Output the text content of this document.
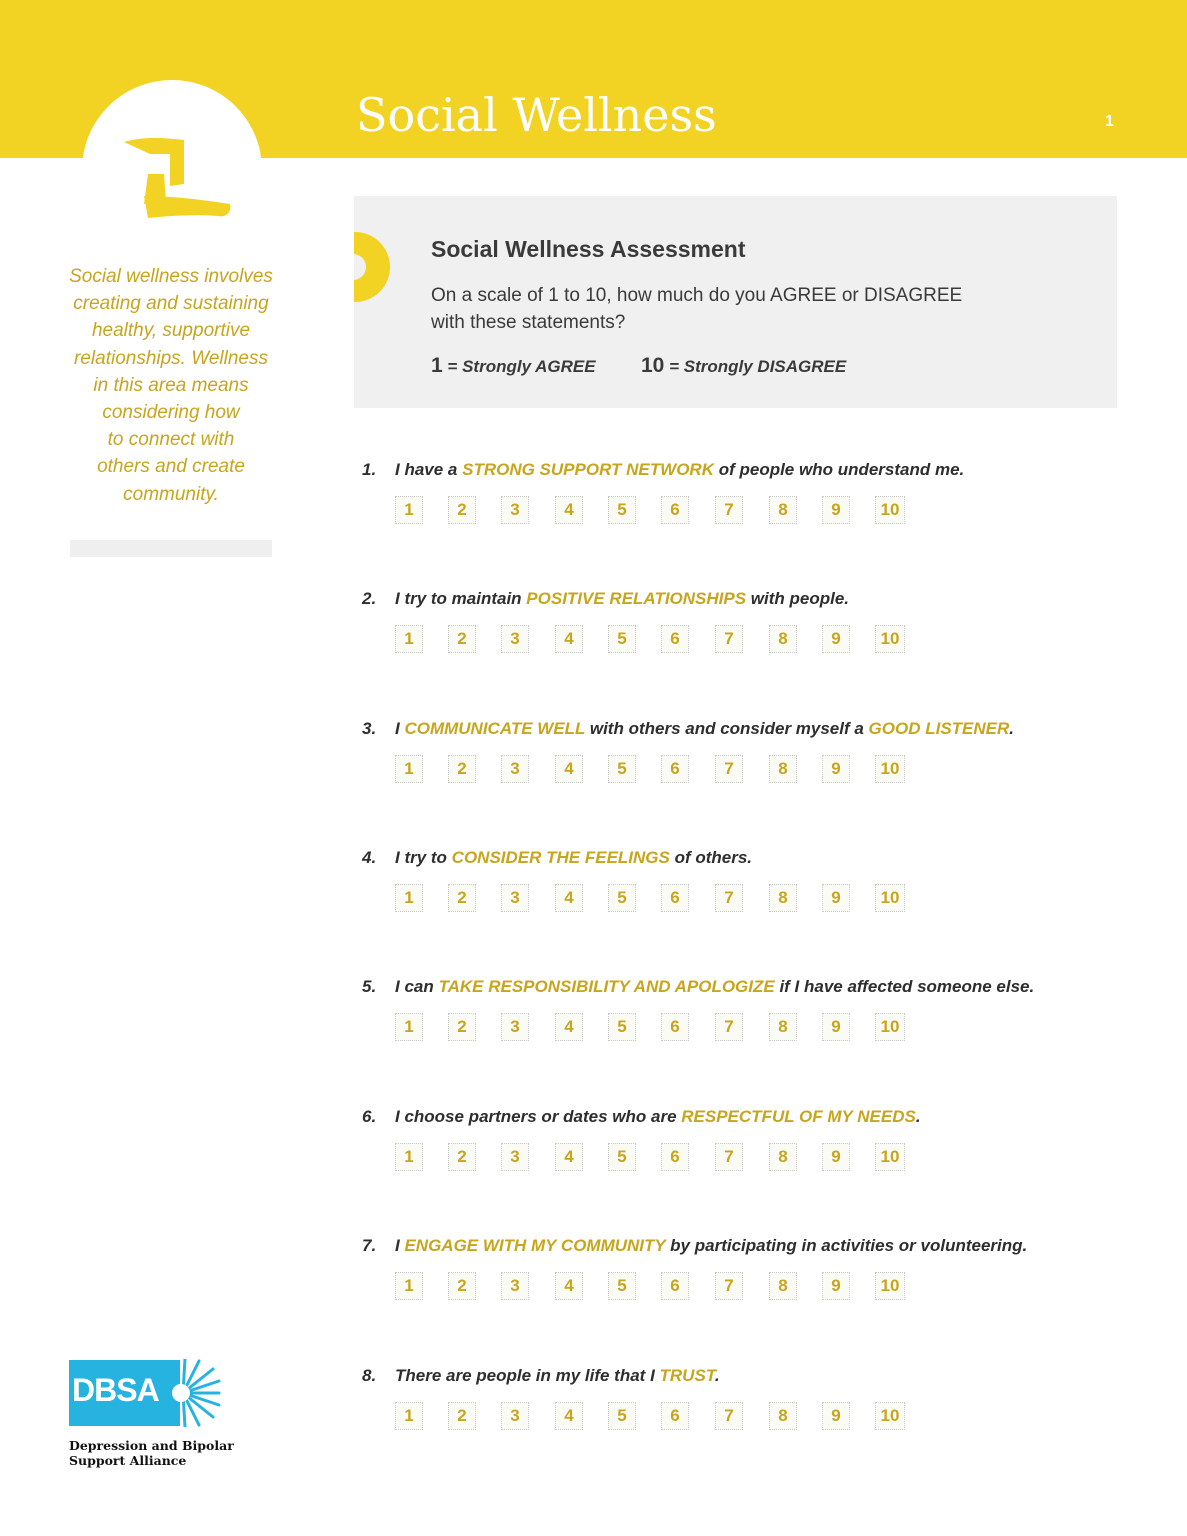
Social Wellness	1
Social wellness involves
creating and sustaining
healthy, supportive
relationships. Wellness
in this area means
considering how
to connect with
others and create
community.
Social Wellness Assessment
On a scale of 1 to 10, how much do you AGREE or DISAGREE with these statements?
1 = Strongly AGREE 10 = Strongly DISAGREE
1. I have a STRONG SUPPORT NETWORK of people who understand me.
1	2	3	4	5	6	7	8	9	10
2. I try to maintain POSITIVE RELATIONSHIPS with people.
1	2	3	4	5	6	7	8	9	10
3. I COMMUNICATE WELL with others and consider myself a GOOD LISTENER.
1	2	3	4	5	6	7	8	9	10
4. I try to CONSIDER THE FEELINGS of others.
1	2	3	4	5	6	7	8	9	10
5. I can TAKE RESPONSIBILITY AND APOLOGIZE if I have affected someone else.
1	2	3	4	5	6	7	8	9	10
6. I choose partners or dates who are RESPECTFUL OF MY NEEDS.
1	2	3	4	5	6	7	8	9	10
7. I ENGAGE WITH MY COMMUNITY by participating in activities or volunteering.
1	2	3	4	5	6	7	8	9	10
8. There are people in my life that I TRUST.
1	2	3	4	5	6	7	8	9	10
DBSA
Depression and Bipolar
Support Alliance
